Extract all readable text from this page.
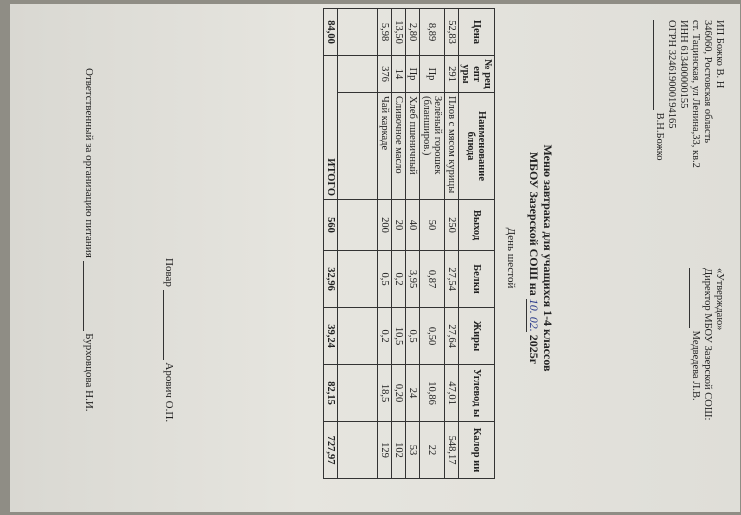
ИП Божко В. Н
346060, Ростовская область
ст. Тацинская, ул Ленина,33, кв.2
ИНН 613400000155
ОГРН 324619000194165
В.Н.Божко
«Утверждаю»
Директор МБОУ Зазерской СОШ:
Медведева Л.В.
Меню завтрака для учащихся 1-4 классов
МБОУ Зазерской СОШ на 10. 02. 2025г
День шестой
Цена	№ рец епт уры	Наименование блюда	Выход	Белки	Жиры	Углевод ы	Калор ии
52,83	291	Плов с мясом курицы	250	27,54	27,64	47,01	548,17
8,89	Пр	Зелёный горошек (бланширов.)	50	0,87	0,50	10,86	22
2,80	Пр	Хлеб пшеничный	40	3,95	0,5	24	53
13,50	14	Сливочное масло	20	0,2	10,5	0,20	102
5,98	376	Чай каркаде	200	0,5	0,2	18,5	129

84,00	ИТОГО		560	32,96	39,24	82,15	727,97
Повар  Арович О.П.
Ответственный за организацию питания  Бурховцова Н.И.
